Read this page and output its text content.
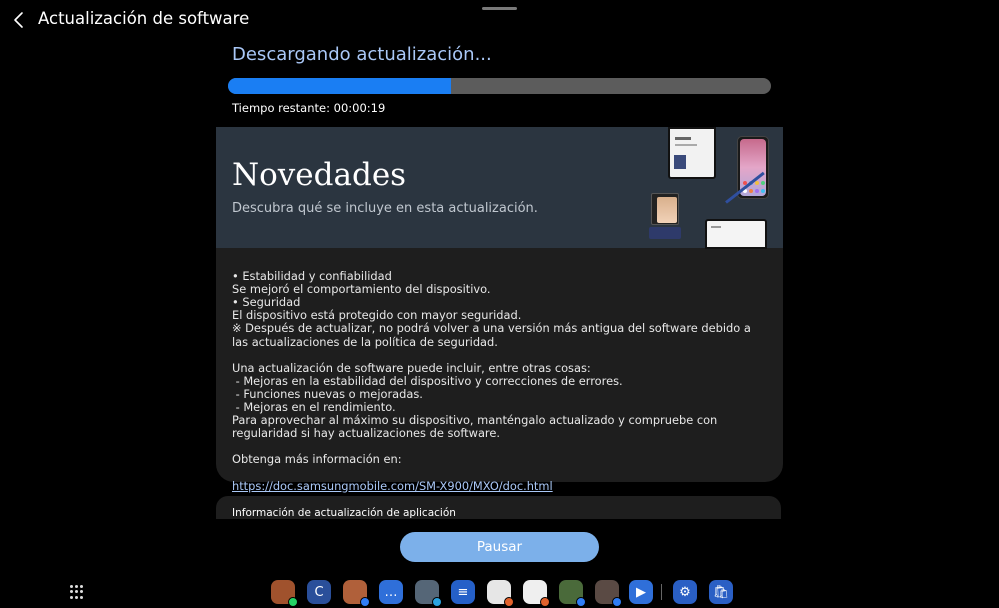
Actualización de software
Descargando actualización...
Tiempo restante: 00:00:19
Novedades
Descubra qué se incluye en esta actualización.

• Estabilidad y confiabilidad
Se mejoró el comportamiento del dispositivo.
• Seguridad
El dispositivo está protegido con mayor seguridad.
※ Después de actualizar, no podrá volver a una versión más antigua del software debido a
las actualizaciones de la política de seguridad.
Una actualización de software puede incluir, entre otras cosas:
- Mejoras en la estabilidad del dispositivo y correcciones de errores.
- Funciones nuevas o mejoradas.
- Mejoras en el rendimiento.
Para aprovechar al máximo su dispositivo, manténgalo actualizado y compruebe con
regularidad si hay actualizaciones de software.
Obtenga más información en:

https://doc.samsungmobile.com/SM-X900/MXO/doc.html

Información de actualización de aplicación
Pausar
C	…	≡	▶	⚙	🛍
